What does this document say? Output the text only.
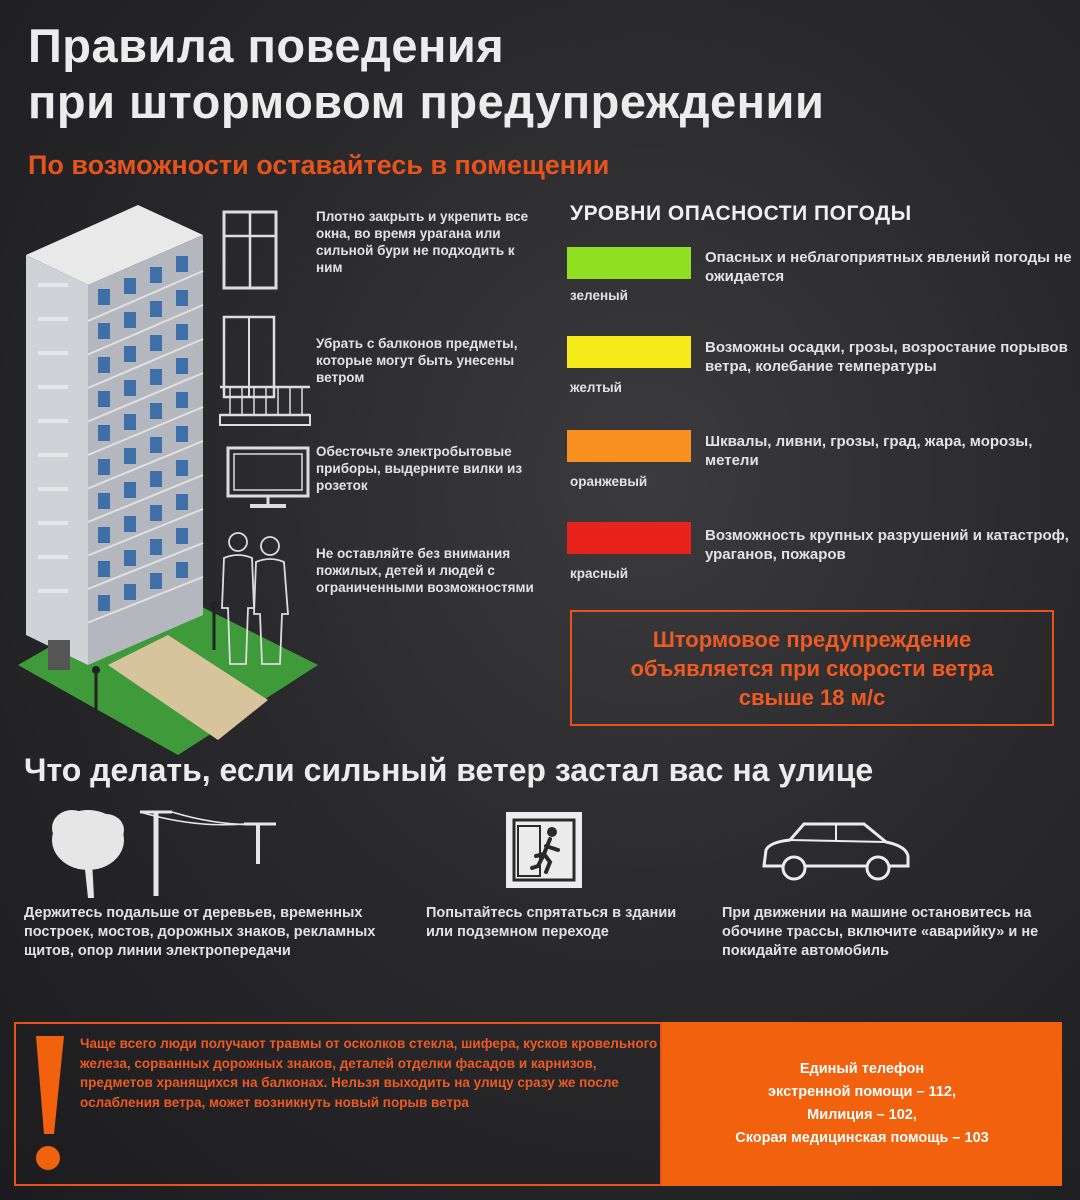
Правила поведения
при штормовом предупреждении
По возможности оставайтесь в помещении
Плотно закрыть и укрепить все окна, во время урагана или сильной бури не подходить к ним
Убрать с балконов предметы, которые могут быть унесены ветром
Обесточьте электробытовые приборы, выдерните вилки из розеток
Не оставляйте без внимания пожилых, детей и людей с ограниченными возможностями
УРОВНИ ОПАСНОСТИ ПОГОДЫ
зеленый
Опасных и неблагоприятных явлений погоды не ожидается
желтый
Возможны осадки, грозы, возростание порывов ветра, колебание температуры
оранжевый
Шквалы, ливни, грозы, град, жара, морозы, метели
красный
Возможность крупных разрушений и катастроф, ураганов, пожаров
Штормовое предупреждение объявляется при скорости ветра свыше 18 м/с
Что делать, если сильный ветер застал вас на улице
Держитесь подальше от деревьев, временных построек, мостов, дорожных знаков, рекламных щитов, опор линии электропередачи
Попытайтесь спрятаться в здании или подземном переходе
При движении на машине остановитесь на обочине трассы, включите «аварийку» и не покидайте автомобиль
Чаще всего люди получают травмы от осколков стекла, шифера, кусков кровельного железа, сорванных дорожных знаков, деталей отделки фасадов и карнизов, предметов хранящихся на балконах. Нельзя выходить на улицу сразу же после ослабления ветра, может возникнуть новый порыв ветра
Единый телефон
экстренной помощи – 112,
Милиция – 102,
Скорая медицинская помощь – 103
